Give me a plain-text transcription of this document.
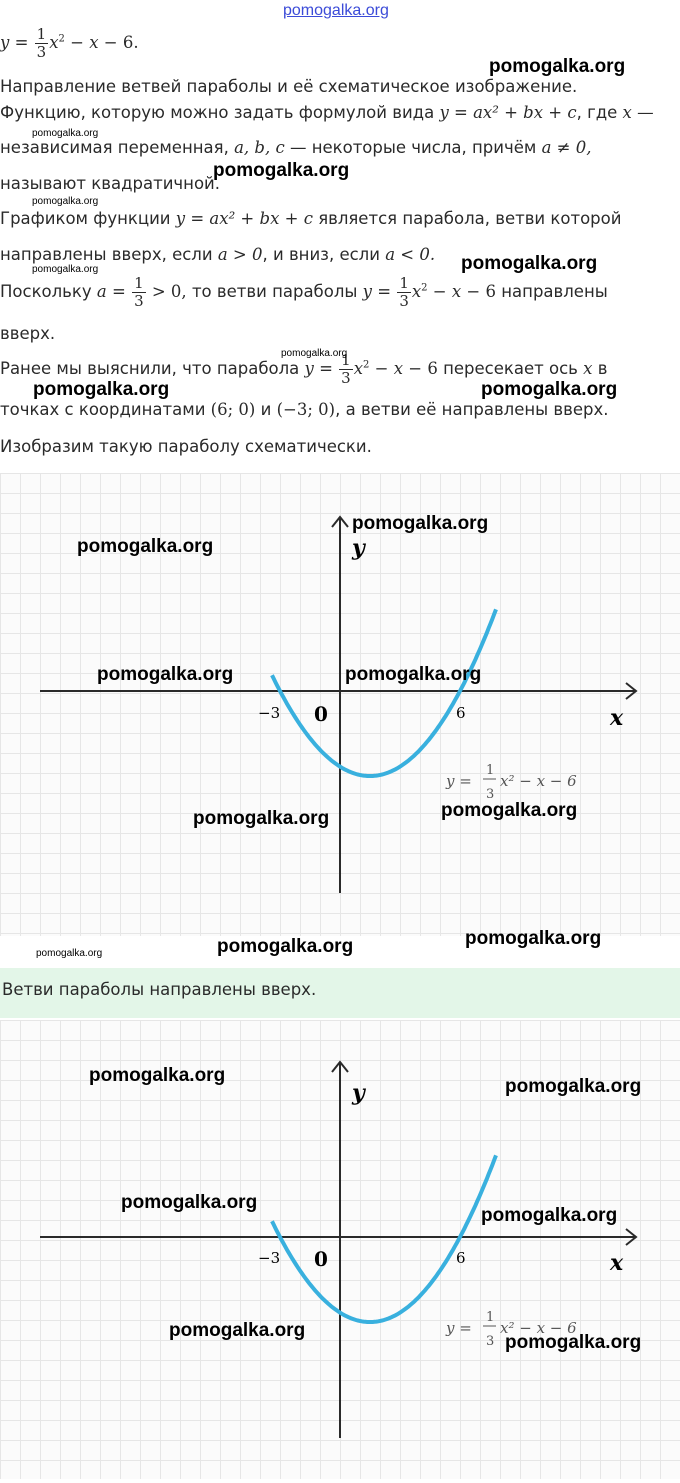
pomogalka.org
$y = \frac{1}{3} x^2 - x - 6$.
Направление ветвей параболы и её схематическое изображение.
Функцию, которую можно задать формулой вида y = ax² + bx + c, где x —
независимая переменная, a, b, c — некоторые числа, причём a ≠ 0,
называют квадратичной.
Графиком функции y = ax² + bx + c является парабола, ветви которой
направлены вверх, если a > 0, и вниз, если a < 0.
Поскольку $a = \frac{1}{3} > 0$, то ветви параболы $y = \frac{1}{3} x^2 - x - 6$ направлены
вверх.
Ранее мы выяснили, что парабола $y = \frac{1}{3} x^2 - x - 6$ пересекает ось x в
точках с координатами (6; 0) и (−3; 0), а ветви её направлены вверх.
Изобразим такую параболу схематически.
x
y
0
−3	6
y =
1
3
x² − x − 6
Ветви параболы направлены вверх.
x
y
0
−3	6
y =
1
3
x² − x − 6
pomogalka.org
pomogalka.org
pomogalka.org
pomogalka.org
pomogalka.org
pomogalka.org
pomogalka.org
pomogalka.org	pomogalka.org
pomogalka.org
pomogalka.org
pomogalka.org	pomogalka.org
pomogalka.org
pomogalka.org
pomogalka.org
pomogalka.org
pomogalka.org
pomogalka.org
pomogalka.org
pomogalka.org
pomogalka.org
pomogalka.org
pomogalka.org
